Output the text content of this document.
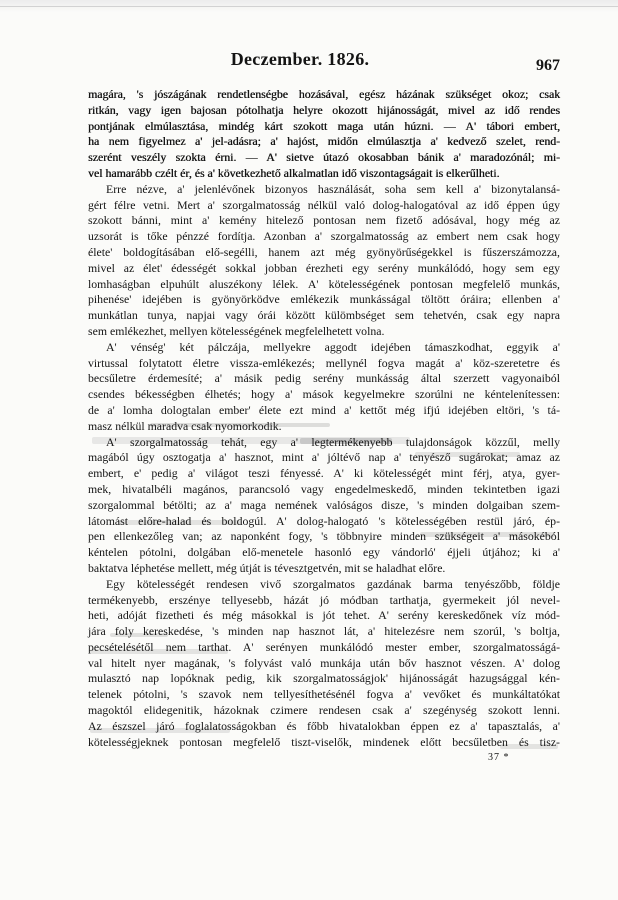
Deczember. 1826.	967
magára, 's jószágának rendetlenségbe hozásával, egész házának szükséget okoz; csak
ritkán, vagy igen bajosan pótolhatja helyre okozott hijánosságát, mivel az idő rendes
pontjának elmúlasztása, mindég kárt szokott maga után húzni. — A' tábori embert,
ha nem figyelmez a' jel-adásra; a' hajóst, midőn elmúlasztja a' kedvező szelet, rend-
szerént veszély szokta érni. — A' sietve útazó okosabban bánik a' maradozónál; mi-
vel hamarább czélt ér, és a' következhető alkalmatlan idő viszontagságait is elkerűlheti.
Erre nézve, a' jelenlévőnek bizonyos használását, soha sem kell a' bizonytalansá-
gért félre vetni. Mert a' szorgalmatosság nélkül való dolog-halogatóval az idő éppen úgy
szokott bánni, mint a' kemény hitelező pontosan nem fizető adósával, hogy még az
uzsorát is tőke pénzzé fordítja. Azonban a' szorgalmatosság az embert nem csak hogy
élete' boldogításában elő-segélli, hanem azt még gyönyörűségekkel is fűszerszámozza,
mivel az élet' édességét sokkal jobban érezheti egy serény munkálódó, hogy sem egy
lomhaságban elpuhúlt aluszékony lélek. A' kötelességének pontosan megfelelő munkás,
pihenése' idejében is gyönyörködve emlékezik munkásságal töltött óráira; ellenben a'
munkátlan tunya, napjai vagy órái között külömbséget sem tehetvén, csak egy napra
sem emlékezhet, mellyen kötelességének megfelelhetett volna.
A' vénség' két pálczája, mellyekre aggodt idejében támaszkodhat, eggyik a'
virtussal folytatott életre vissza-emlékezés; mellynél fogva magát a' köz-szeretetre és
becsűletre érdemesíté; a' másik pedig serény munkásság által szerzett vagyonaiból
csendes békességben élhetés; hogy a' mások kegyelmekre szorúlni ne kéntelenítessen:
de a' lomha dologtalan ember' élete ezt mind a' kettőt még ifjú idejében eltöri, 's tá-
masz nélkül maradva csak nyomorkodik.
A' szorgalmatosság tehát, egy a' legtermékenyebb tulajdonságok közzűl, melly
magából úgy osztogatja a' hasznot, mint a' jóltévő nap a' tenyésző sugárokat; amaz az
embert, e' pedig a' világot teszi fényessé. A' ki kötelességét mint férj, atya, gyer-
mek, hivatalbéli magános, parancsoló vagy engedelmeskedő, minden tekintetben igazi
szorgalommal bétölti; az a' maga nemének valóságos disze, 's minden dolgaiban szem-
látomást előre-halad és boldogúl. A' dolog-halogató 's kötelességében restül járó, ép-
pen ellenkezőleg van; az naponként fogy, 's többnyire minden szükségeit a' másokéból
kéntelen pótolni, dolgában elő-menetele hasonló egy vándorló' éjjeli útjához; ki a'
baktatva léphetése mellett, még útját is tévesztgetvén, mit se haladhat előre.
Egy kötelességét rendesen vivő szorgalmatos gazdának barma tenyészőbb, földje
termékenyebb, erszénye tellyesebb, házát jó módban tarthatja, gyermekeit jól nevel-
heti, adóját fizetheti és még másokkal is jót tehet. A' serény kereskedőnek víz mód-
jára foly kereskedése, 's minden nap hasznot lát, a' hitelezésre nem szorúl, 's boltja,
pecsételésétől nem tarthat. A' serényen munkálódó mester ember, szorgalmatosságá-
val hitelt nyer magának, 's folyvást való munkája után bőv hasznot vészen. A' dolog
mulasztó nap lopóknak pedig, kik szorgalmatosságjok' hijánosságát hazugsággal kén-
telenek pótolni, 's szavok nem tellyesíthetésénél fogva a' vevőket és munkáltatókat
magoktól elidegenitik, házoknak czimere rendesen csak a' szegénység szokott lenni.
Az észszel járó foglalatosságokban és főbb hivatalokban éppen ez a' tapasztalás, a'
kötelességjeknek pontosan megfelelő tiszt-viselők, mindenek előtt becsűletben és tisz-
37 *
